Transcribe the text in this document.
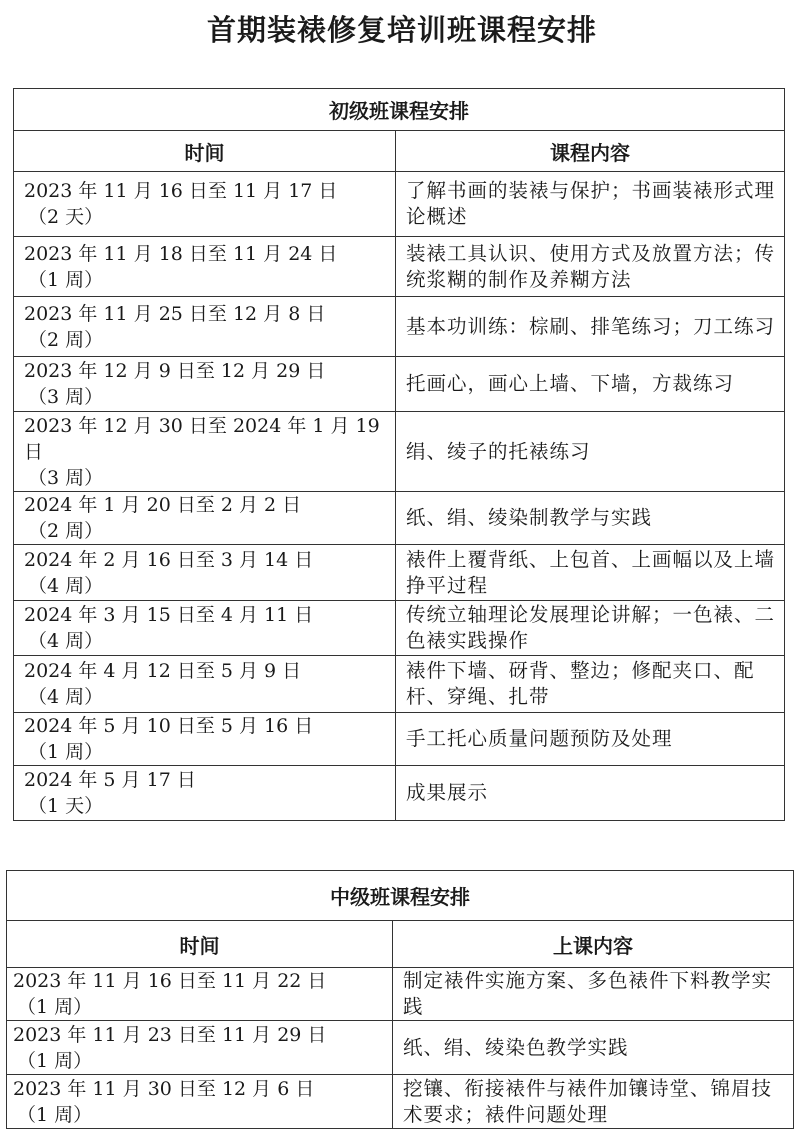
首期装裱修复培训班课程安排
初级班课程安排	
时间	课程内容
2023 年 11 月 16 日至 11 月 17 日
（2 天）	了解书画的装裱与保护；书画装裱形式理论概述
2023 年 11 月 18 日至 11 月 24 日
（1 周）	装裱工具认识、使用方式及放置方法；传统浆糊的制作及养糊方法
2023 年 11 月 25 日至 12 月 8 日
（2 周）	基本功训练：棕刷、排笔练习；刀工练习
2023 年 12 月 9 日至 12 月 29 日
（3 周）	托画心，画心上墙、下墙，方裁练习
2023 年 12 月 30 日至 2024 年 1 月 19 日
（3 周）	绢、绫子的托裱练习
2024 年 1 月 20 日至 2 月 2 日
（2 周）	纸、绢、绫染制教学与实践
2024 年 2 月 16 日至 3 月 14 日
（4 周）	裱件上覆背纸、上包首、上画幅以及上墙挣平过程
2024 年 3 月 15 日至 4 月 11 日
（4 周）	传统立轴理论发展理论讲解；一色裱、二色裱实践操作
2024 年 4 月 12 日至 5 月 9 日
（4 周）	裱件下墙、砑背、整边；修配夹口、配杆、穿绳、扎带
2024 年 5 月 10 日至 5 月 16 日
（1 周）	手工托心质量问题预防及处理
2024 年 5 月 17 日
（1 天）	成果展示
中级班课程安排	
时间	上课内容
2023 年 11 月 16 日至 11 月 22 日
（1 周）	制定裱件实施方案、多色裱件下料教学实践
2023 年 11 月 23 日至 11 月 29 日
（1 周）	纸、绢、绫染色教学实践
2023 年 11 月 30 日至 12 月 6 日
（1 周）	挖镶、衔接裱件与裱件加镶诗堂、锦眉技术要求；裱件问题处理
